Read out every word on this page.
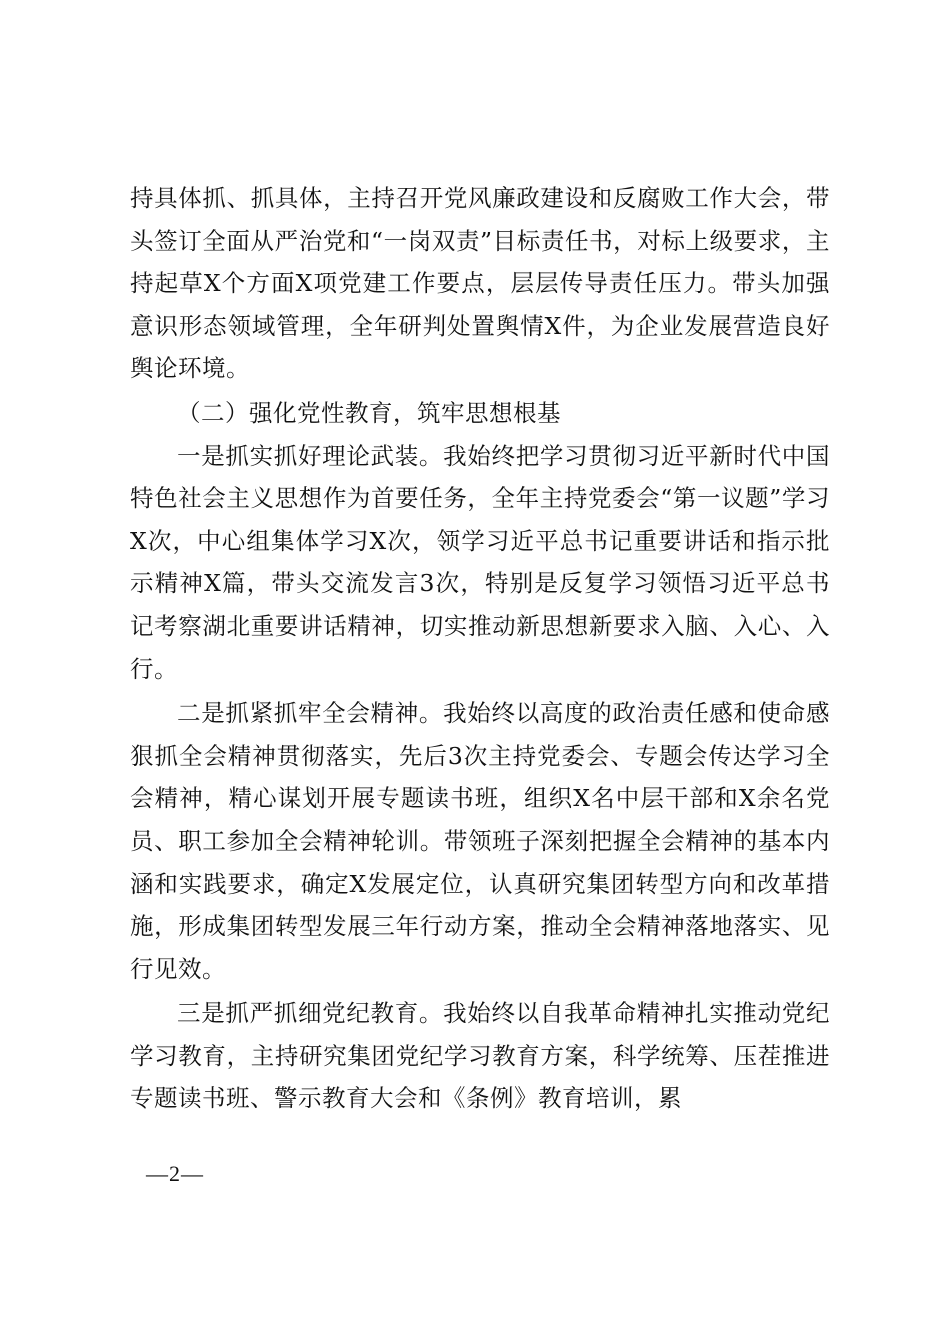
持具体抓、抓具体，主持召开党风廉政建设和反腐败工作大会，带头签订全面从严治党和“一岗双责”目标责任书，对标上级要求，主持起草X个方面X项党建工作要点，层层传导责任压力。带头加强意识形态领域管理，全年研判处置舆情X件，为企业发展营造良好舆论环境。

（二）强化党性教育，筑牢思想根基

一是抓实抓好理论武装。我始终把学习贯彻习近平新时代中国特色社会主义思想作为首要任务，全年主持党委会“第一议题”学习X次，中心组集体学习X次，领学习近平总书记重要讲话和指示批示精神X篇，带头交流发言3次，特别是反复学习领悟习近平总书记考察湖北重要讲话精神，切实推动新思想新要求入脑、入心、入行。

二是抓紧抓牢全会精神。我始终以高度的政治责任感和使命感狠抓全会精神贯彻落实，先后3次主持党委会、专题会传达学习全会精神，精心谋划开展专题读书班，组织X名中层干部和X余名党员、职工参加全会精神轮训。带领班子深刻把握全会精神的基本内涵和实践要求，确定X发展定位，认真研究集团转型方向和改革措施，形成集团转型发展三年行动方案，推动全会精神落地落实、见行见效。

三是抓严抓细党纪教育。我始终以自我革命精神扎实推动党纪学习教育，主持研究集团党纪学习教育方案，科学统筹、压茬推进专题读书班、警示教育大会和《条例》教育培训，累

—2—
